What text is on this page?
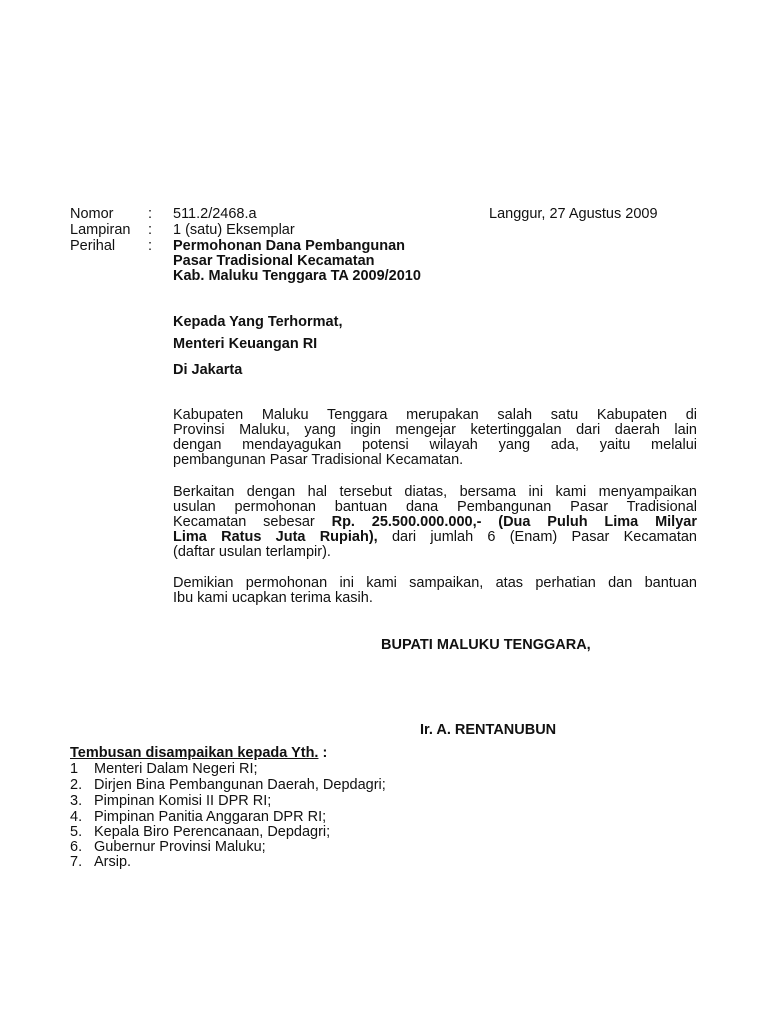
Nomor : 511.2/2468.a	Langgur, 27 Agustus 2009
Lampiran : 1 (satu) Eksemplar
Perihal : Permohonan Dana Pembangunan
Pasar Tradisional Kecamatan
Kab. Maluku Tenggara TA 2009/2010
Kepada Yang Terhormat,
Menteri Keuangan RI
Di Jakarta
Kabupaten Maluku Tenggara merupakan salah satu Kabupaten di
Provinsi Maluku, yang ingin mengejar ketertinggalan dari daerah lain
dengan mendayagukan potensi wilayah yang ada, yaitu melalui
pembangunan Pasar Tradisional Kecamatan.
Berkaitan dengan hal tersebut diatas, bersama ini kami menyampaikan
usulan permohonan bantuan dana Pembangunan Pasar Tradisional
Kecamatan sebesar Rp. 25.500.000.000,- (Dua Puluh Lima Milyar
Lima Ratus Juta Rupiah), dari jumlah 6 (Enam) Pasar Kecamatan
(daftar usulan terlampir).
Demikian permohonan ini kami sampaikan, atas perhatian dan bantuan
Ibu kami ucapkan terima kasih.
BUPATI MALUKU TENGGARA,
Ir. A. RENTANUBUN
Tembusan disampaikan kepada Yth. :
1 Menteri Dalam Negeri RI;
2. Dirjen Bina Pembangunan Daerah, Depdagri;
3. Pimpinan Komisi II DPR RI;
4. Pimpinan Panitia Anggaran DPR RI;
5. Kepala Biro Perencanaan, Depdagri;
6. Gubernur Provinsi Maluku;
7. Arsip.
